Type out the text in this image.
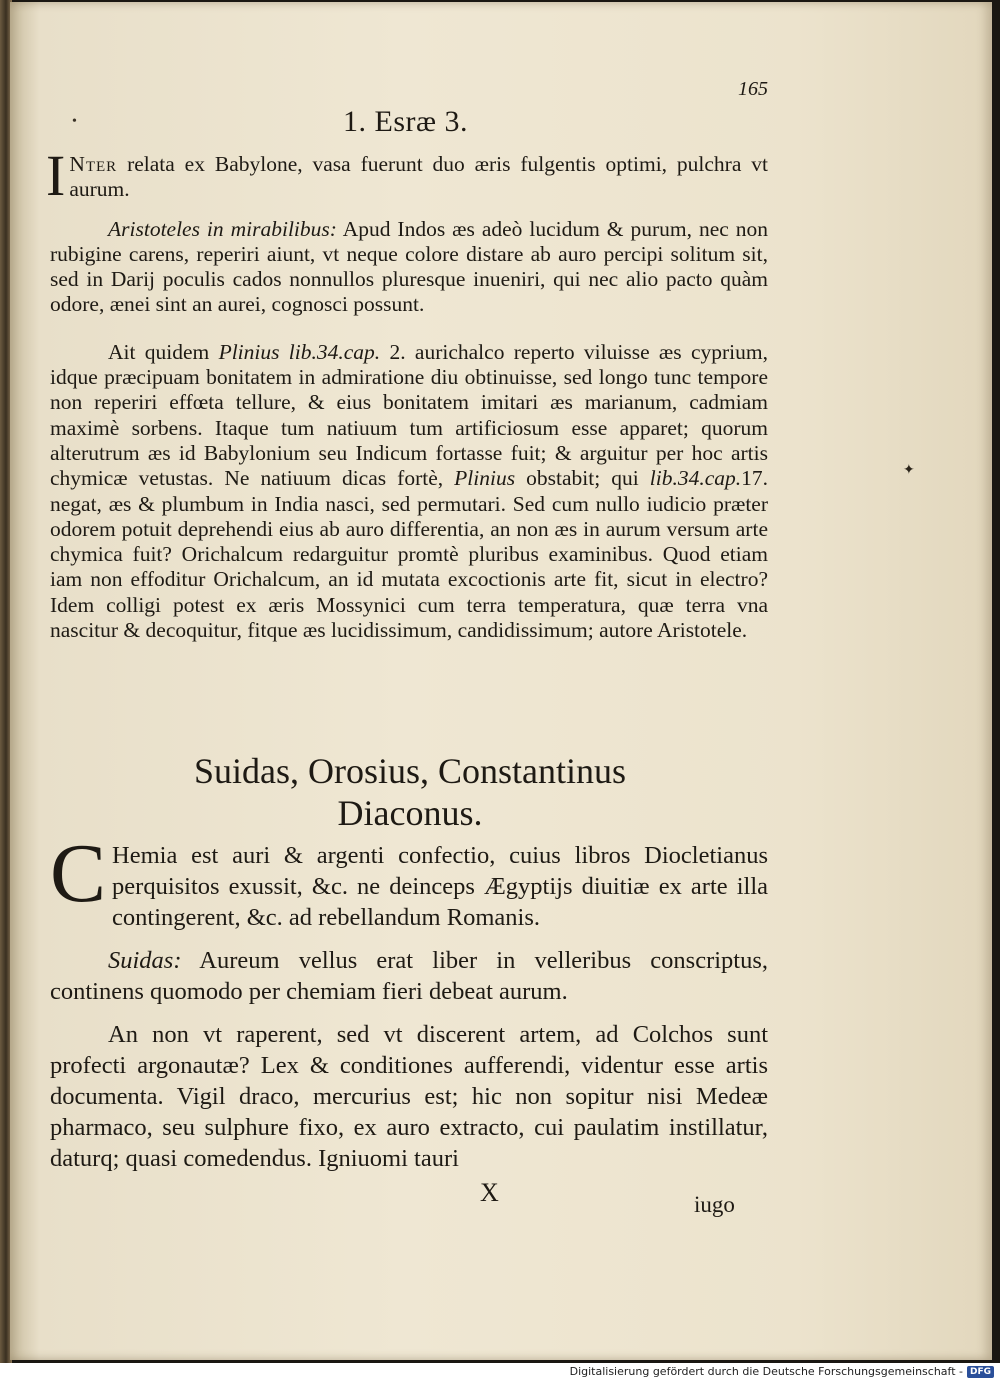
165
•	1. Esræ 3.

I Nter relata ex Babylone, vasa fuerunt duo æris fulgentis optimi, pulchra vt aurum.

Aristoteles in mirabilibus: Apud Indos æs adeò lucidum & purum, nec non rubigine carens, reperiri aiunt, vt neque colore distare ab auro percipi solitum sit, sed in Darij poculis cados nonnullos pluresque inueniri, qui nec alio pacto quàm odore, ænei sint an aurei, cognosci possunt.

Ait quidem Plinius lib.34.cap. 2. aurichalco reperto viluisse æs cyprium, idque præcipuam bonitatem in admiratione diu obtinuisse, sed longo tunc tempore non reperiri effœta tellure, & eius bonitatem imitari æs marianum, cadmiam maximè sorbens. Itaque tum natiuum tum artificiosum esse apparet; quorum alterutrum æs id Babylonium seu Indicum fortasse fuit; & arguitur per hoc artis chymicæ vetustas. Ne natiuum dicas fortè, Plinius obstabit; qui lib.34.cap.17. negat, æs & plumbum in India nasci, sed permutari. Sed cum nullo iudicio præter odorem potuit deprehendi eius ab auro differentia, an non æs in aurum versum arte chymica fuit? Orichalcum redarguitur promtè pluribus examinibus. Quod etiam iam non effoditur Orichalcum, an id mutata excoctionis arte fit, sicut in electro? Idem colligi potest ex æris Mossynici cum terra temperatura, quæ terra vna nascitur & decoquitur, fitque æs lucidissimum, candidissimum; autore Aristotele.

✦
Suidas, Orosius, Constantinus
Diaconus.

C Hemia est auri & argenti confectio, cuius libros Diocletianus perquisitos exussit, &c. ne deinceps Ægyptijs diuitiæ ex arte illa contingerent, &c. ad rebellandum Romanis.

Suidas: Aureum vellus erat liber in velleribus conscriptus, continens quomodo per chemiam fieri debeat aurum.

An non vt raperent, sed vt discerent artem, ad Colchos sunt profecti argonautæ? Lex & conditiones aufferendi, videntur esse artis documenta. Vigil draco, mercurius est; hic non sopitur nisi Medeæ pharmaco, seu sulphure fixo, ex auro extracto, cui paulatim instillatur, daturq; quasi comedendus. Igniuomi tauri

X	iugo
Digitalisierung gefördert durch die Deutsche Forschungsgemeinschaft - DFG
